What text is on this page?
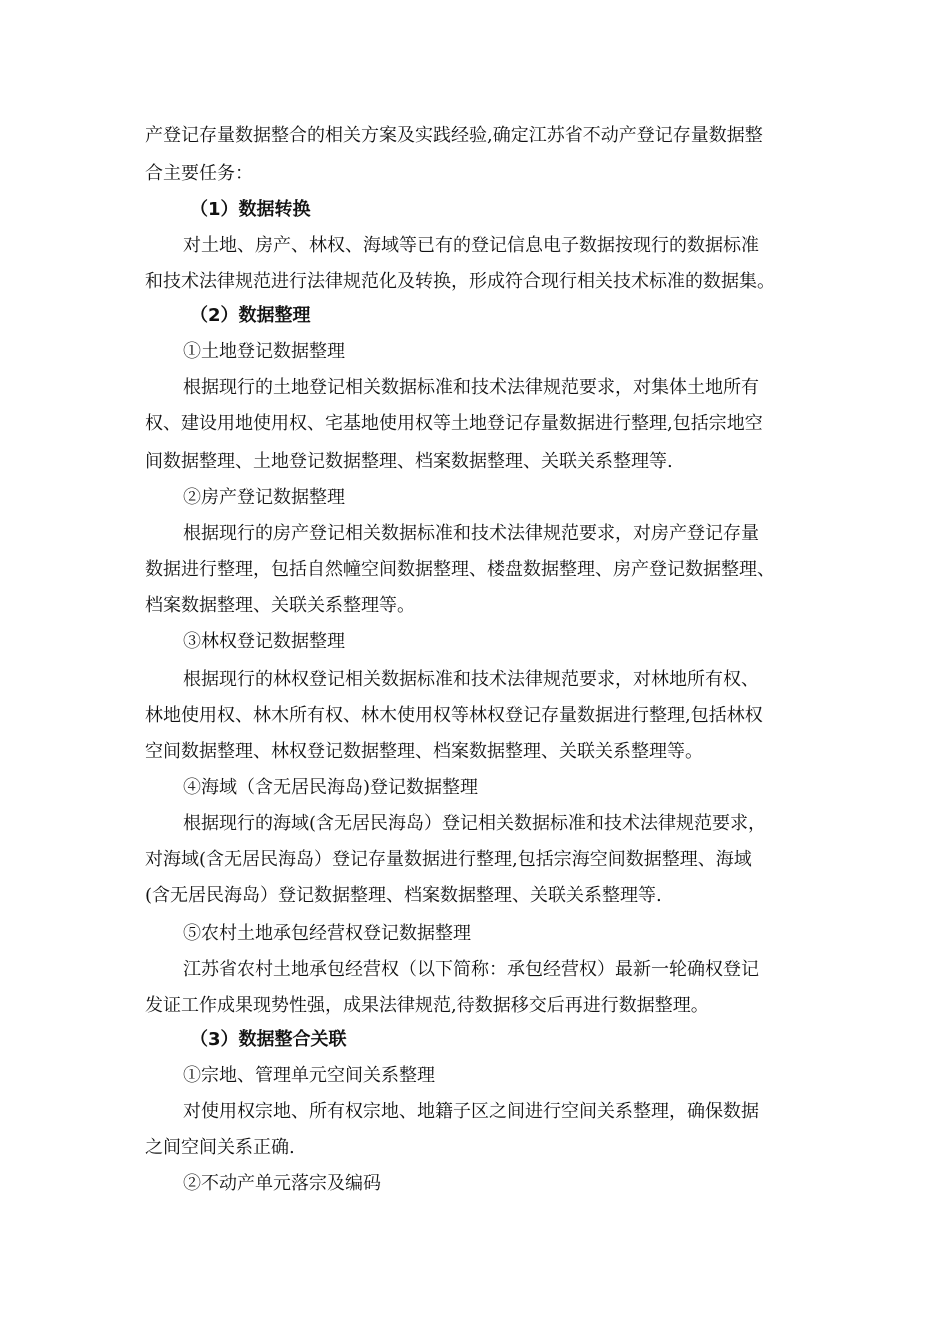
产登记存量数据整合的相关方案及实践经验,确定江苏省不动产登记存量数据整

合主要任务：

（1）数据转换

对土地、房产、林权、海域等已有的登记信息电子数据按现行的数据标准

和技术法律规范进行法律规范化及转换，形成符合现行相关技术标准的数据集。

（2）数据整理

①土地登记数据整理

根据现行的土地登记相关数据标准和技术法律规范要求，对集体土地所有

权、建设用地使用权、宅基地使用权等土地登记存量数据进行整理,包括宗地空

间数据整理、土地登记数据整理、档案数据整理、关联关系整理等.

②房产登记数据整理

根据现行的房产登记相关数据标准和技术法律规范要求，对房产登记存量

数据进行整理，包括自然幢空间数据整理、楼盘数据整理、房产登记数据整理、

档案数据整理、关联关系整理等。

③林权登记数据整理

根据现行的林权登记相关数据标准和技术法律规范要求，对林地所有权、

林地使用权、林木所有权、林木使用权等林权登记存量数据进行整理,包括林权

空间数据整理、林权登记数据整理、档案数据整理、关联关系整理等。

④海域（含无居民海岛)登记数据整理

根据现行的海域(含无居民海岛）登记相关数据标准和技术法律规范要求，

对海域(含无居民海岛）登记存量数据进行整理,包括宗海空间数据整理、海域

(含无居民海岛）登记数据整理、档案数据整理、关联关系整理等.

⑤农村土地承包经营权登记数据整理

江苏省农村土地承包经营权（以下简称：承包经营权）最新一轮确权登记

发证工作成果现势性强，成果法律规范,待数据移交后再进行数据整理。

（3）数据整合关联

①宗地、管理单元空间关系整理

对使用权宗地、所有权宗地、地籍子区之间进行空间关系整理，确保数据

之间空间关系正确.

②不动产单元落宗及编码
